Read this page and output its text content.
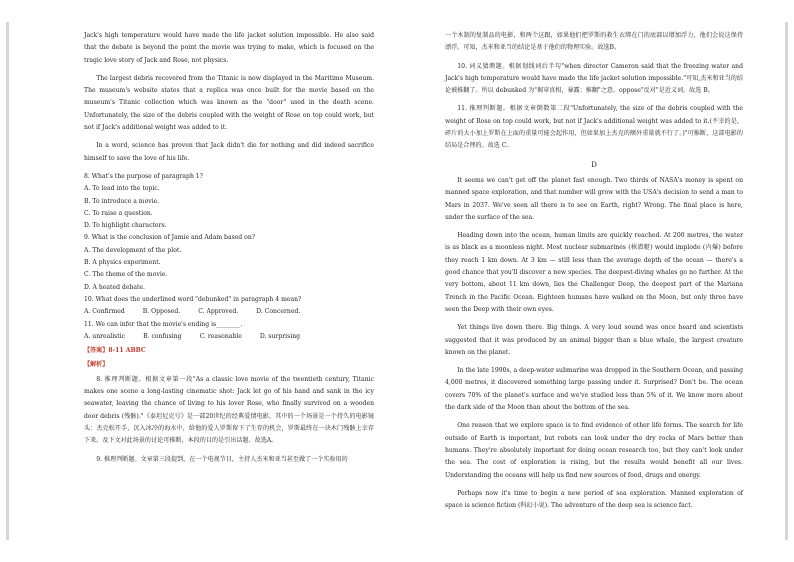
Jack's high temperature would have made the life jacket solution impossible. He also said that the debate is beyond the point the movie was trying to make, which is focused on the tragic love story of Jack and Rose, not physics.

The largest debris recovered from the Titanic is now displayed in the Maritime Museum. The museum's website states that a replica was once built for the movie based on the museum's Titanic collection which was known as the "door" used in the death scene. Unfortunately, the size of the debris coupled with the weight of Rose on top could work, but not if Jack's additional weight was added to it.

In a word, science has proven that Jack didn't die for nothing and did indeed sacrifice himself to save the love of his life.

8. What's the purpose of paragraph 1?

A. To lead into the topic.

B. To introduce a movie.

C. To raise a question.

D. To highlight characters.

9. What is the conclusion of Jamie and Adam based on?

A. The development of the plot.

B. A physics experiment.

C. The theme of the movie.

D. A heated debate.

10. What does the underlined word "debunked" in paragraph 4 mean?

A. Confirmed	B. Opposed.	C. Approved.	D. Concerned.

11. We can infer that the movie's ending is________.

A. unrealistic	B. confusing	C. reasonable	D. surprising

【答案】8-11 ABBC

【解析】

8. 推理判断题。根据文章第一段"As a classic love movie of the twentieth century, Titanic makes one scene a long-lasting cinematic shot: Jack let go of his hand and sank in the icy seawater, leaving the chance of living to his lover Rose, who finally survived on a wooden door debris (残骸)."《泰坦尼克号》是一部20世纪的经典爱情电影，其中的一个场景是一个持久的电影镜头：杰克松开手，沉入冰冷的海水中，给他的爱人罗斯留下了生存的机会，罗斯最终在一块木门残骸上幸存下来。及下文对此场景的讨论可推断，本段的目的是引出话题。故选A。

9. 推理判断题。文章第三段提到，在一个电视节目，主持人杰米和亚当甚至做了一个实验用的

一个木制的复制品的电影，和两个这跟，如果他们把罗斯的救生衣绑在门的底部以增加浮力，他们会说这保持漂浮。可知，杰米和亚当的结论是基于他们的物理实验。故选B。

10. 词义猜测题。根据划线词后半句"when director Cameron said that the freezing water and Jack's high temperature would have made the life jacket solution impossible."可知,杰米和亚当的结论被推翻了。所以 debunked 为"揭穿真相，暴露；推翻"之意。oppose"反对"是近义词，故选 B。

11. 推理判断题。根据文章倒数第二段"Unfortunately, the size of the debris coupled with the weight of Rose on top could work, but not if Jack's additional weight was added to it.(不幸的是，碎片的大小加上罗斯在上面的重量可能会起作用，但如果加上杰克的额外重量就不行了。)"可推断，这部电影的结局是合理的。故选 C。

D

It seems we can't get off the planet fast enough. Two thirds of NASA's money is spent on manned space exploration, and that number will grow with the USA's decision to send a man to Mars in 2037. We've seen all there is to see on Earth, right? Wrong. The final place is here, under the surface of the sea.

Heading down into the ocean, human limits are quickly reached. At 200 metres, the water is as black as a moonless night. Most nuclear submarines (核潜艇) would implode (内爆) before they reach 1 km down. At 3 km — still less than the average depth of the ocean — there's a good chance that you'll discover a new species. The deepest-diving whales go no further. At the very bottom, about 11 km down, lies the Challenger Deep, the deepest part of the Mariana Trench in the Pacific Ocean. Eighteen humans have walked on the Moon, but only three have seen the Deep with their own eyes.

Yet things live down there. Big things. A very loud sound was once heard and scientists suggested that it was produced by an animal bigger than a blue whale, the largest creature known on the planet.

In the late 1990s, a deep-water submarine was dropped in the Southern Ocean, and passing 4,000 metres, it discovered something large passing under it. Surprised? Don't be. The ocean covers 70% of the planet's surface and we've studied less than 5% of it. We know more about the dark side of the Moon than about the bottom of the sea.

One reason that we explore space is to find evidence of other life forms. The search for life outside of Earth is important, but robots can look under the dry rocks of Mars better than humans. They're absolutely important for doing ocean research too, but they can't look under the sea. The cost of exploration is rising, but the results would benefit all our lives. Understanding the oceans will help us find new sources of food, drugs and energy.

Perhaps now it's time to begin a new period of sea exploration. Manned exploration of space is science fiction (科幻小说). The adventure of the deep sea is science fact.
